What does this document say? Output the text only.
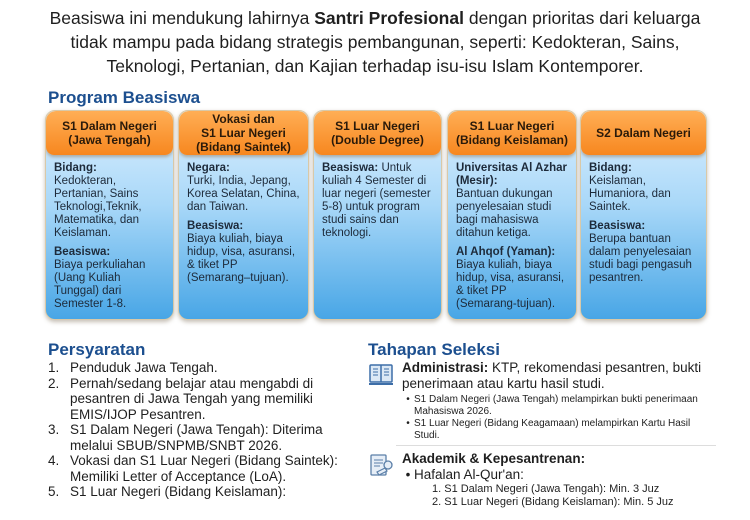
Beasiswa ini mendukung lahirnya Santri Profesional dengan prioritas dari keluarga tidak mampu pada bidang strategis pembangunan, seperti: Kedokteran, Sains, Teknologi, Pertanian, dan Kajian terhadap isu-isu Islam Kontemporer.
Program Beasiswa
S1 Dalam Negeri
(Jawa Tengah)
Bidang:
Kedokteran, Pertanian, Sains Teknologi,Teknik, Matematika, dan Keislaman.
Beasiswa:
Biaya perkuliahan (Uang Kuliah Tunggal) dari Semester 1-8.
Vokasi dan
S1 Luar Negeri
(Bidang Saintek)
Negara:
Turki, India, Jepang, Korea Selatan, China, dan Taiwan.
Beasiswa:
Biaya kuliah, biaya hidup, visa, asuransi, & tiket PP (Semarang–tujuan).
S1 Luar Negeri
(Double Degree)
Beasiswa: Untuk kuliah 4 Semester di luar negeri (semester 5-8) untuk program studi sains dan teknologi.
S1 Luar Negeri
(Bidang Keislaman)
Universitas Al Azhar (Mesir):
Bantuan dukungan penyelesaian studi bagi mahasiswa ditahun ketiga.
Al Ahqof (Yaman):
Biaya kuliah, biaya hidup, visa, asuransi, & tiket PP (Semarang-tujuan).
S2 Dalam Negeri
Bidang:
Keislaman, Humaniora, dan Saintek.
Beasiswa:
Berupa bantuan dalam penyelesaian studi bagi pengasuh pesantren.
Persyaratan
1. Penduduk Jawa Tengah.
2. Pernah/sedang belajar atau mengabdi di pesantren di Jawa Tengah yang memiliki EMIS/IJOP Pesantren.
3. S1 Dalam Negeri (Jawa Tengah): Diterima melalui SBUB/SNPMB/SNBT 2026.
4. Vokasi dan S1 Luar Negeri (Bidang Saintek): Memiliki Letter of Acceptance (LoA).
5. S1 Luar Negeri (Bidang Keislaman):
Tahapan Seleksi
Administrasi: KTP, rekomendasi pesantren, bukti penerimaan atau kartu hasil studi.
• S1 Dalam Negeri (Jawa Tengah) melampirkan bukti penerimaan Mahasiswa 2026.
• S1 Luar Negeri (Bidang Keagamaan) melampirkan Kartu Hasil Studi.
Akademik & Kepesantrenan:
• Hafalan Al-Qur'an:
1. S1 Dalam Negeri (Jawa Tengah): Min. 3 Juz
2. S1 Luar Negeri (Bidang Keislaman): Min. 5 Juz
